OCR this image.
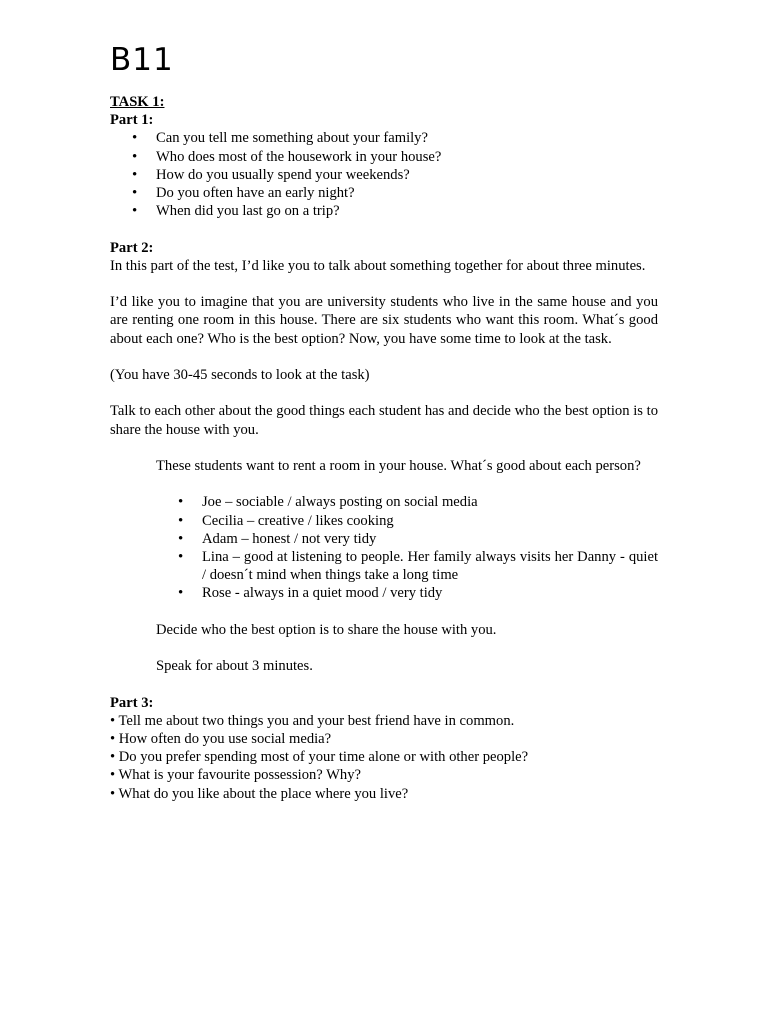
B11
TASK 1:
Part 1:
• Can you tell me something about your family?
• Who does most of the housework in your house?
• How do you usually spend your weekends?
• Do you often have an early night?
• When did you last go on a trip?
Part 2:
In this part of the test, I’d like you to talk about something together for about three minutes.
I’d like you to imagine that you are university students who live in the same house and you are renting one room in this house. There are six students who want this room. What´s good about each one? Who is the best option? Now, you have some time to look at the task.
(You have 30-45 seconds to look at the task)
Talk to each other about the good things each student has and decide who the best option is to share the house with you.
These students want to rent a room in your house. What´s good about each person?
• Joe – sociable / always posting on social media
• Cecilia – creative / likes cooking
• Adam – honest / not very tidy
• Lina – good at listening to people. Her family always visits her Danny - quiet / doesn´t mind when things take a long time
• Rose - always in a quiet mood / very tidy
Decide who the best option is to share the house with you.
Speak for about 3 minutes.
Part 3:
• Tell me about two things you and your best friend have in common.
• How often do you use social media?
• Do you prefer spending most of your time alone or with other people?
• What is your favourite possession? Why?
• What do you like about the place where you live?
